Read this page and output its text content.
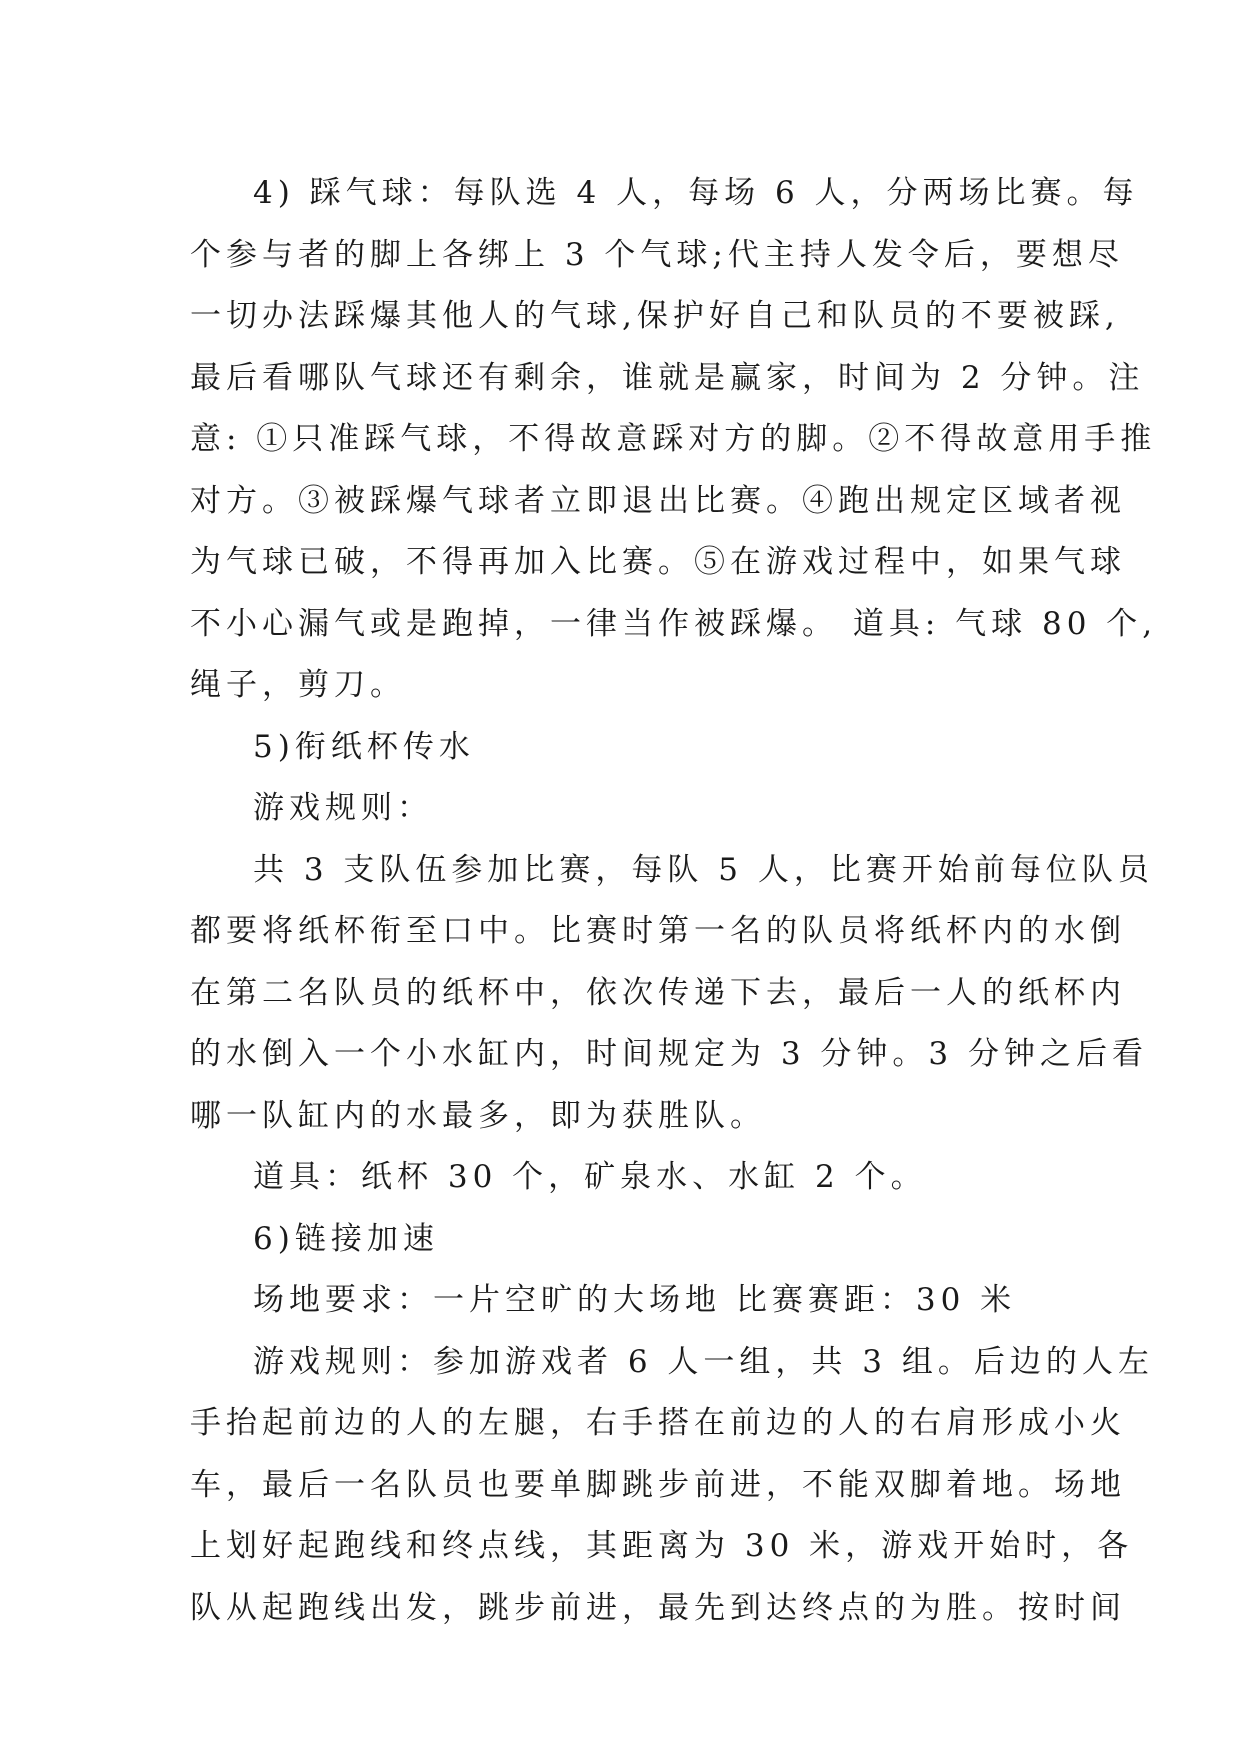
4) 踩气球：每队选 4 人，每场 6 人，分两场比赛。每
个参与者的脚上各绑上 3 个气球;代主持人发令后，要想尽
一切办法踩爆其他人的气球,保护好自己和队员的不要被踩,
最后看哪队气球还有剩余，谁就是赢家，时间为 2 分钟。注
意: ①只准踩气球，不得故意踩对方的脚。②不得故意用手推
对方。③被踩爆气球者立即退出比赛。④跑出规定区域者视
为气球已破，不得再加入比赛。⑤在游戏过程中，如果气球
不小心漏气或是跑掉，一律当作被踩爆。 道具: 气球 80 个,
绳子，剪刀。
5)衔纸杯传水
游戏规则：
共 3 支队伍参加比赛，每队 5 人，比赛开始前每位队员
都要将纸杯衔至口中。比赛时第一名的队员将纸杯内的水倒
在第二名队员的纸杯中，依次传递下去，最后一人的纸杯内
的水倒入一个小水缸内，时间规定为 3 分钟。3 分钟之后看
哪一队缸内的水最多，即为获胜队。
道具：纸杯 30 个，矿泉水、水缸 2 个。
6)链接加速
场地要求：一片空旷的大场地 比赛赛距：30 米
游戏规则：参加游戏者 6 人一组，共 3 组。后边的人左
手抬起前边的人的左腿，右手搭在前边的人的右肩形成小火
车，最后一名队员也要单脚跳步前进，不能双脚着地。场地
上划好起跑线和终点线，其距离为 30 米，游戏开始时，各
队从起跑线出发，跳步前进，最先到达终点的为胜。按时间
